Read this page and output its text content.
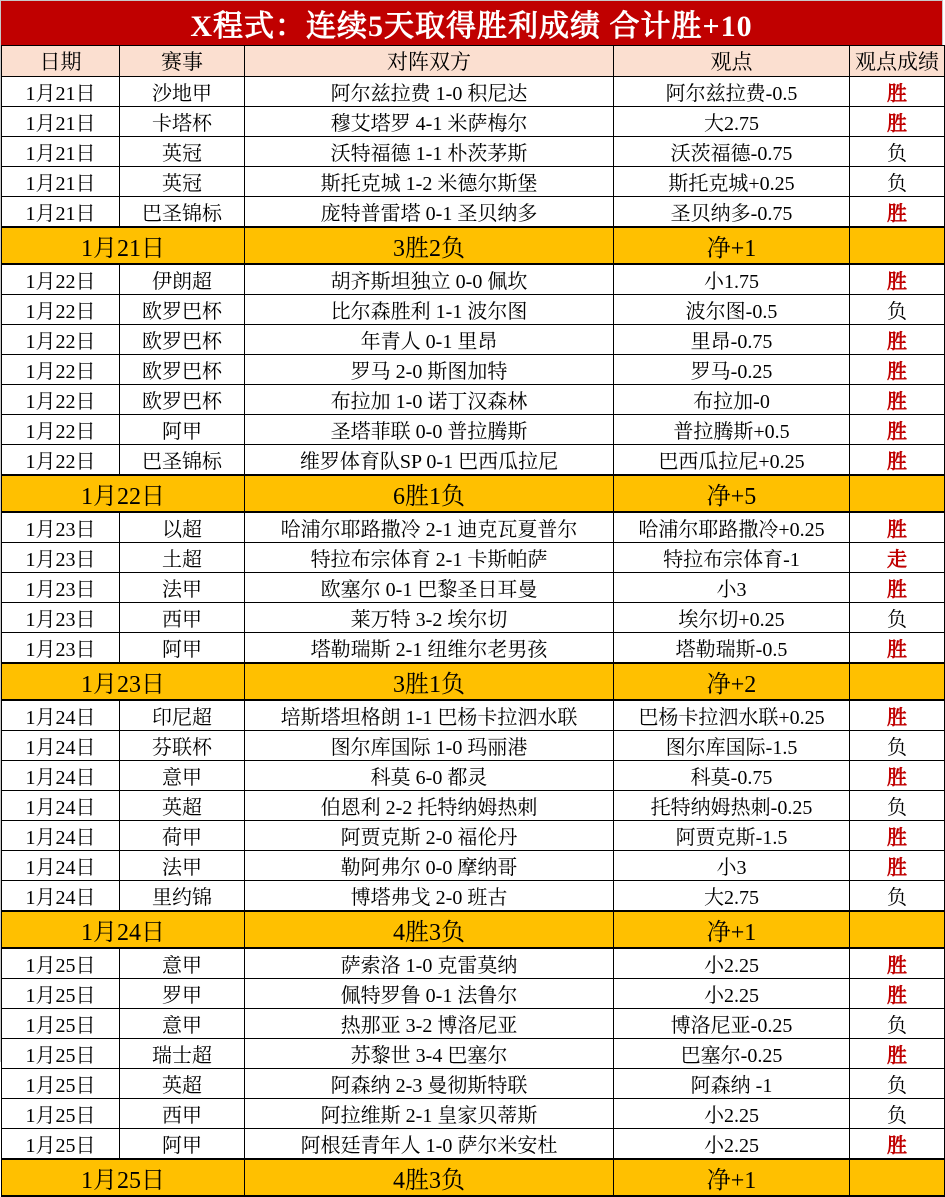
X程式：连续5天取得胜利成绩 合计胜+10
日期	赛事	对阵双方	观点	观点成绩
1月21日	沙地甲	阿尔兹拉费 1-0 积尼达	阿尔兹拉费-0.5	胜
1月21日	卡塔杯	穆艾塔罗 4-1 米萨梅尔	大2.75	胜
1月21日	英冠	沃特福德 1-1 朴茨茅斯	沃茨福德-0.75	负
1月21日	英冠	斯托克城 1-2 米德尔斯堡	斯托克城+0.25	负
1月21日	巴圣锦标	庞特普雷塔 0-1 圣贝纳多	圣贝纳多-0.75	胜
1月21日		3胜2负	净+1	
1月22日	伊朗超	胡齐斯坦独立 0-0 佩坎	小1.75	胜
1月22日	欧罗巴杯	比尔森胜利 1-1 波尔图	波尔图-0.5	负
1月22日	欧罗巴杯	年青人 0-1 里昂	里昂-0.75	胜
1月22日	欧罗巴杯	罗马 2-0 斯图加特	罗马-0.25	胜
1月22日	欧罗巴杯	布拉加 1-0 诺丁汉森林	布拉加-0	胜
1月22日	阿甲	圣塔菲联 0-0 普拉腾斯	普拉腾斯+0.5	胜
1月22日	巴圣锦标	维罗体育队SP 0-1 巴西瓜拉尼	巴西瓜拉尼+0.25	胜
1月22日		6胜1负	净+5	
1月23日	以超	哈浦尔耶路撒冷 2-1 迪克瓦夏普尔	哈浦尔耶路撒冷+0.25	胜
1月23日	土超	特拉布宗体育 2-1 卡斯帕萨	特拉布宗体育-1	走
1月23日	法甲	欧塞尔 0-1 巴黎圣日耳曼	小3	胜
1月23日	西甲	莱万特 3-2 埃尔切	埃尔切+0.25	负
1月23日	阿甲	塔勒瑞斯 2-1 纽维尔老男孩	塔勒瑞斯-0.5	胜
1月23日		3胜1负	净+2	
1月24日	印尼超	培斯塔坦格朗 1-1 巴杨卡拉泗水联	巴杨卡拉泗水联+0.25	胜
1月24日	芬联杯	图尔库国际 1-0 玛丽港	图尔库国际-1.5	负
1月24日	意甲	科莫 6-0 都灵	科莫-0.75	胜
1月24日	英超	伯恩利 2-2 托特纳姆热刺	托特纳姆热刺-0.25	负
1月24日	荷甲	阿贾克斯 2-0 福伦丹	阿贾克斯-1.5	胜
1月24日	法甲	勒阿弗尔 0-0 摩纳哥	小3	胜
1月24日	里约锦	博塔弗戈 2-0 班古	大2.75	负
1月24日		4胜3负	净+1	
1月25日	意甲	萨索洛 1-0 克雷莫纳	小2.25	胜
1月25日	罗甲	佩特罗鲁 0-1 法鲁尔	小2.25	胜
1月25日	意甲	热那亚 3-2 博洛尼亚	博洛尼亚-0.25	负
1月25日	瑞士超	苏黎世 3-4 巴塞尔	巴塞尔-0.25	胜
1月25日	英超	阿森纳 2-3 曼彻斯特联	阿森纳 -1	负
1月25日	西甲	阿拉维斯 2-1 皇家贝蒂斯	小2.25	负
1月25日	阿甲	阿根廷青年人 1-0 萨尔米安杜	小2.25	胜
1月25日		4胜3负	净+1	
